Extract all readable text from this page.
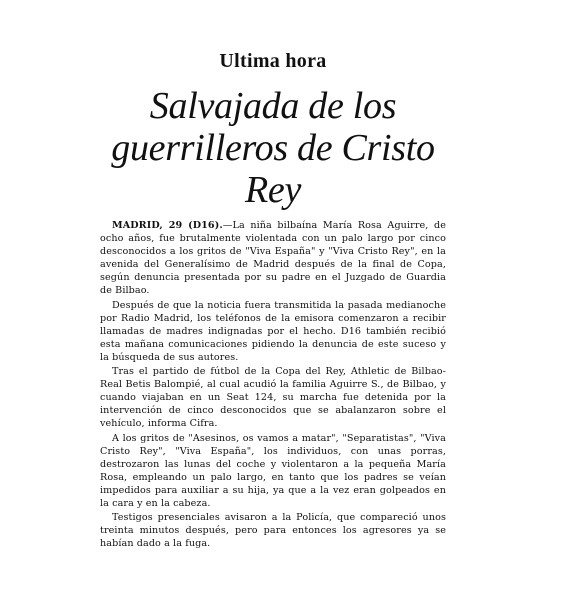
Ultima hora
Salvajada de los guerrilleros de Cristo Rey

MADRID, 29 (D16).—La niña bilbaína María Rosa Aguirre, de ocho años, fue brutalmente violentada con un palo largo por cinco desconocidos a los gritos de "Viva España" y "Viva Cristo Rey", en la avenida del Generalísimo de Madrid después de la final de Copa, según denuncia presentada por su padre en el Juzgado de Guardia de Bilbao.

Después de que la noticia fuera transmitida la pasada medianoche por Radio Madrid, los teléfonos de la emisora comenzaron a recibir llamadas de madres indignadas por el hecho. D16 también recibió esta mañana comunicaciones pidiendo la denuncia de este suceso y la búsqueda de sus autores.

Tras el partido de fútbol de la Copa del Rey, Athletic de Bilbao-Real Betis Balompié, al cual acudió la familia Aguirre S., de Bilbao, y cuando viajaban en un Seat 124, su marcha fue detenida por la intervención de cinco desconocidos que se abalanzaron sobre el vehículo, informa Cifra.

A los gritos de "Asesinos, os vamos a matar", "Separatistas", "Viva Cristo Rey", "Viva España", los individuos, con unas porras, destrozaron las lunas del coche y violentaron a la pequeña María Rosa, empleando un palo largo, en tanto que los padres se veían impedidos para auxiliar a su hija, ya que a la vez eran golpeados en la cara y en la cabeza.

Testigos presenciales avisaron a la Policía, que compareció unos treinta minutos después, pero para entonces los agresores ya se habían dado a la fuga.
